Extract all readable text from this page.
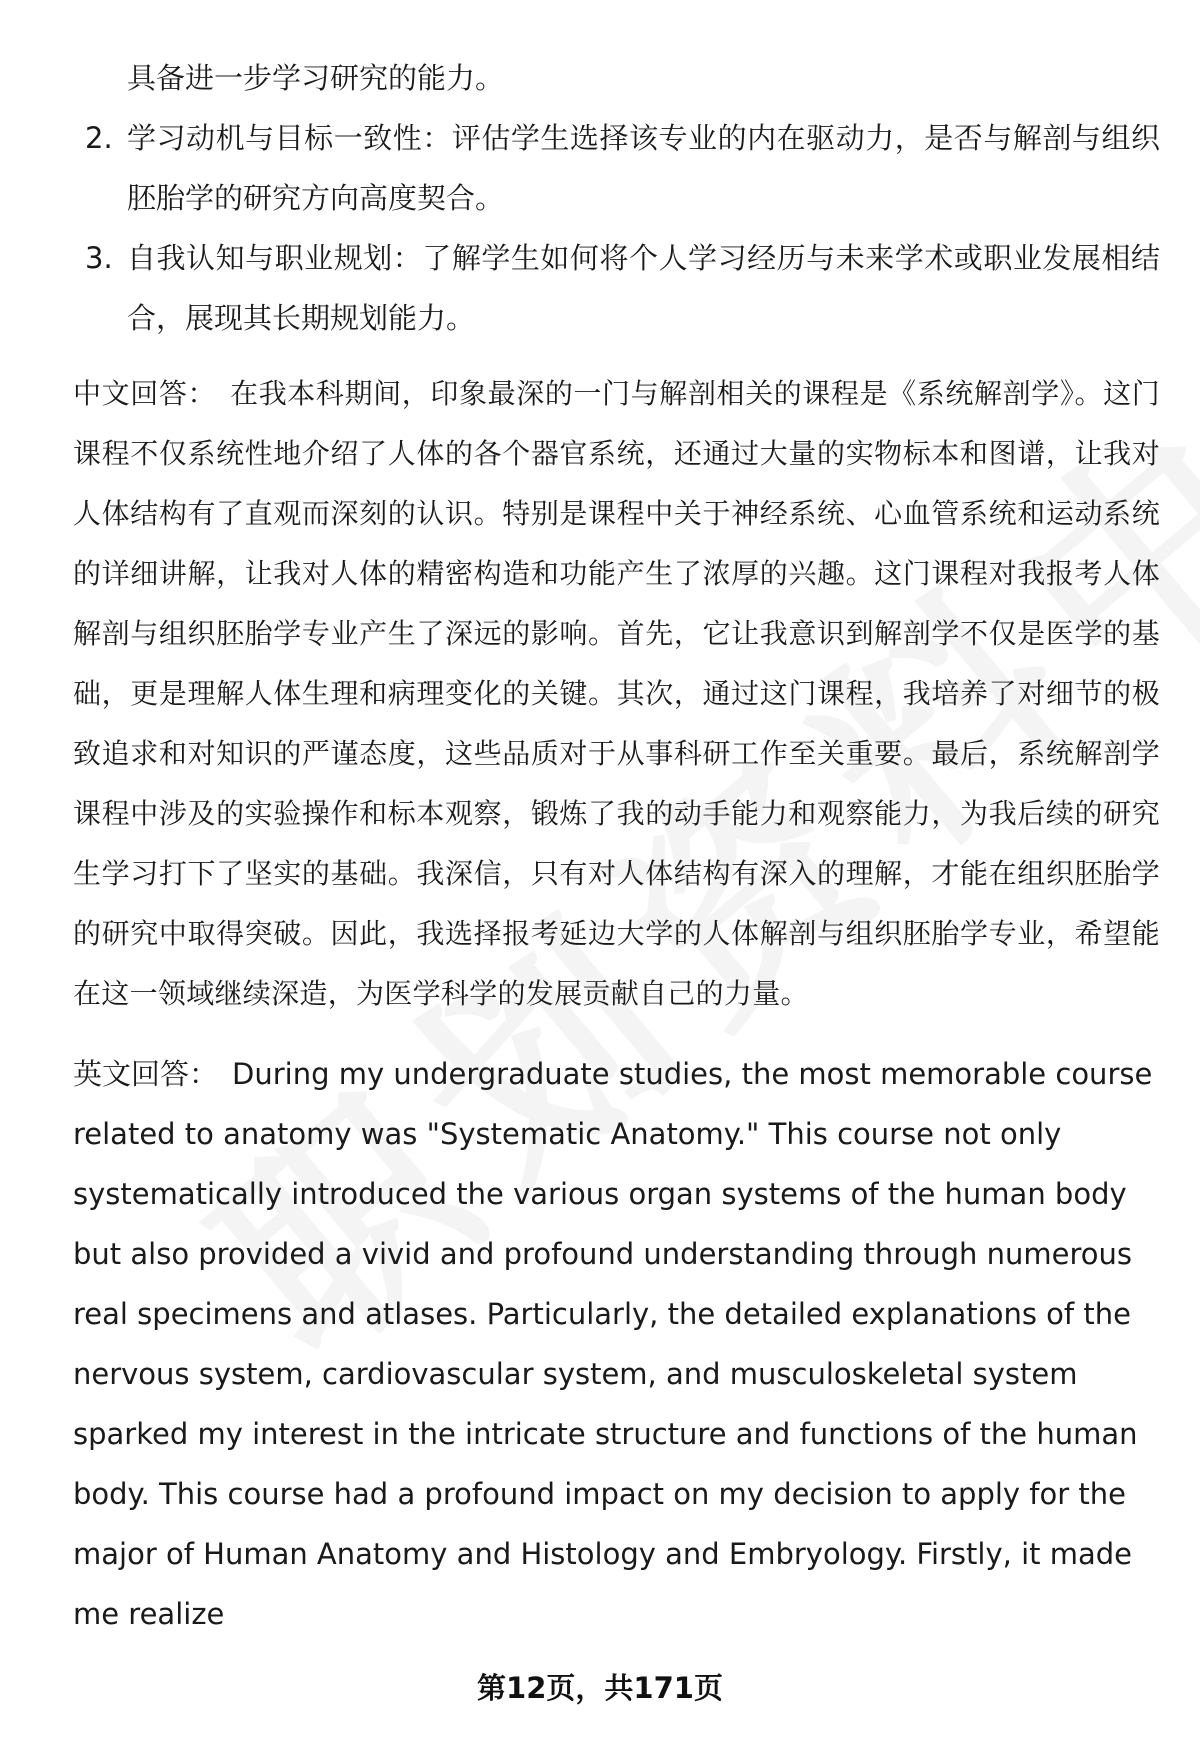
具备进一步学习研究的能力。

2. 学习动机与目标一致性：评估学生选择该专业的内在驱动力，是否与解剖与组织胚胎学的研究方向高度契合。
3. 自我认知与职业规划：了解学生如何将个人学习经历与未来学术或职业发展相结合，展现其长期规划能力。

中文回答： 在我本科期间，印象最深的一门与解剖相关的课程是《系统解剖学》。这门课程不仅系统性地介绍了人体的各个器官系统，还通过大量的实物标本和图谱，让我对人体结构有了直观而深刻的认识。特别是课程中关于神经系统、心血管系统和运动系统的详细讲解，让我对人体的精密构造和功能产生了浓厚的兴趣。这门课程对我报考人体解剖与组织胚胎学专业产生了深远的影响。首先，它让我意识到解剖学不仅是医学的基础，更是理解人体生理和病理变化的关键。其次，通过这门课程，我培养了对细节的极致追求和对知识的严谨态度，这些品质对于从事科研工作至关重要。最后，系统解剖学课程中涉及的实验操作和标本观察，锻炼了我的动手能力和观察能力，为我后续的研究生学习打下了坚实的基础。我深信，只有对人体结构有深入的理解，才能在组织胚胎学的研究中取得突破。因此，我选择报考延边大学的人体解剖与组织胚胎学专业，希望能在这一领域继续深造，为医学科学的发展贡献自己的力量。

英文回答： During my undergraduate studies, the most memorable course related to anatomy was "Systematic Anatomy." This course not only systematically introduced the various organ systems of the human body but also provided a vivid and profound understanding through numerous real specimens and atlases. Particularly, the detailed explanations of the nervous system, cardiovascular system, and musculoskeletal system sparked my interest in the intricate structure and functions of the human body. This course had a profound impact on my decision to apply for the major of Human Anatomy and Histology and Embryology. Firstly, it made me realize

第12页，共171页
